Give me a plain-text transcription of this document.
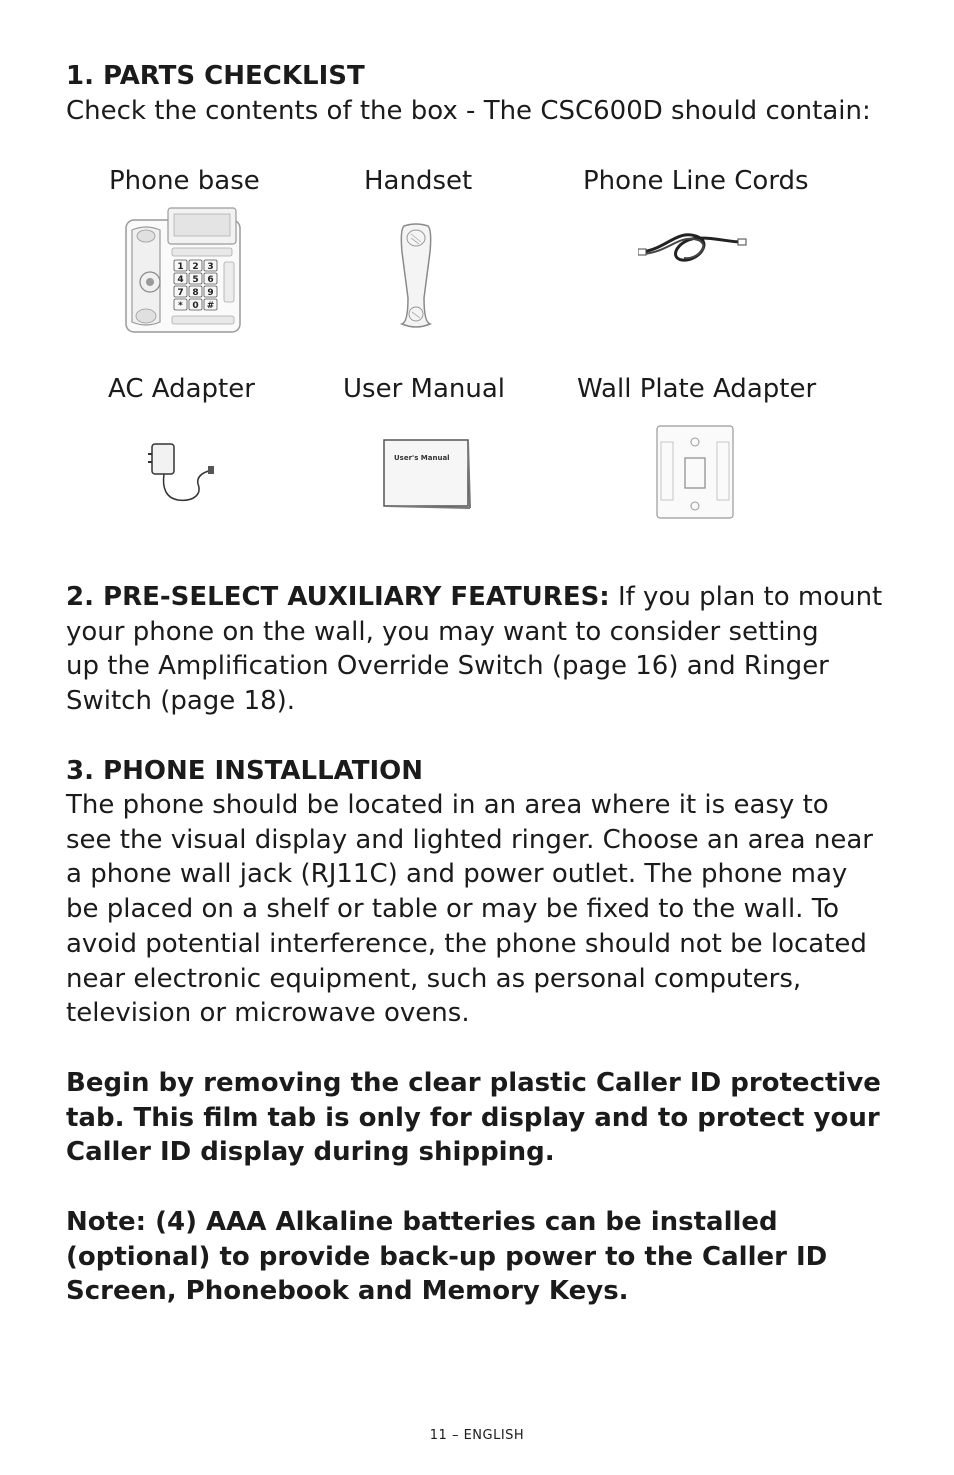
1. PARTS CHECKLIST
Check the contents of the box - The CSC600D should contain:
Phone base	Handset	Phone Line Cords
1 2 3
4 5 6
7 8 9
* 0 #
AC Adapter	User Manual	Wall Plate Adapter
User's Manual
2. PRE-SELECT AUXILIARY FEATURES: If you plan to mount
your phone on the wall, you may want to consider setting
up the Amplification Override Switch (page 16) and Ringer
Switch (page 18).
3. PHONE INSTALLATION
The phone should be located in an area where it is easy to
see the visual display and lighted ringer. Choose an area near
a phone wall jack (RJ11C) and power outlet. The phone may
be placed on a shelf or table or may be fixed to the wall. To
avoid potential interference, the phone should not be located
near electronic equipment, such as personal computers,
television or microwave ovens.
Begin by removing the clear plastic Caller ID protective
tab. This film tab is only for display and to protect your
Caller ID display during shipping.
Note: (4) AAA Alkaline batteries can be installed
(optional) to provide back-up power to the Caller ID
Screen, Phonebook and Memory Keys.
11 – ENGLISH
